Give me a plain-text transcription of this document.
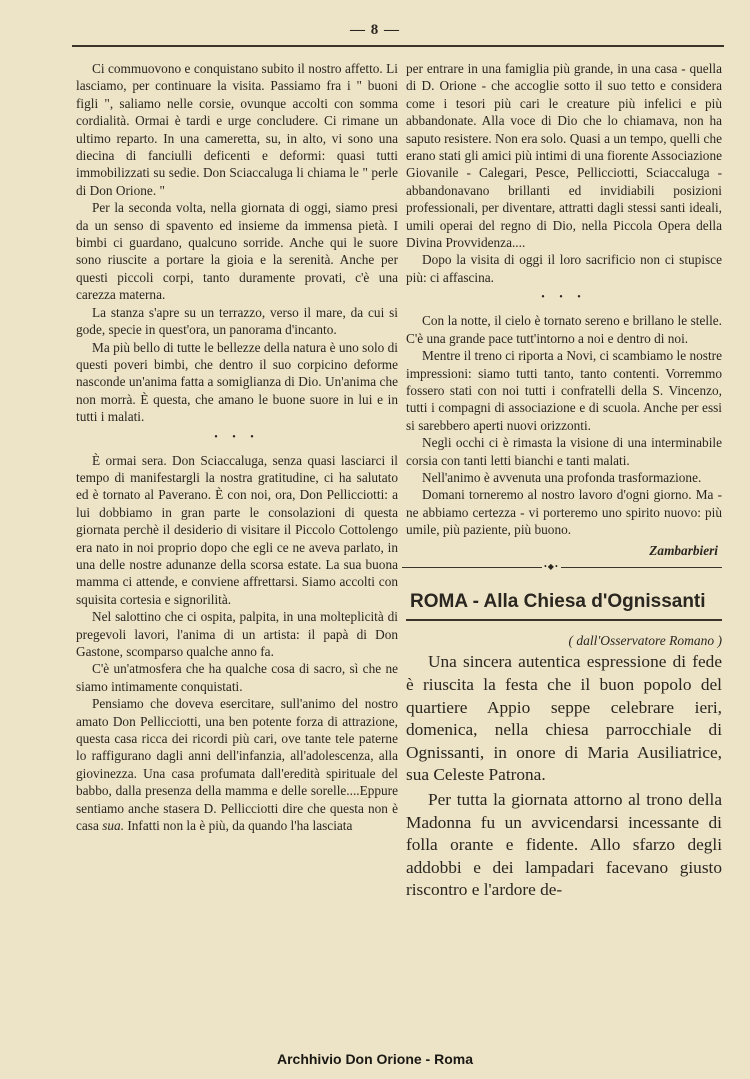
— 8 —

Ci commuovono e conquistano subito il nostro affetto. Li lasciamo, per continuare la visita. Passiamo fra i " buoni figli ", saliamo nelle corsie, ovunque accolti con somma cordialità. Ormai è tardi e urge concludere. Ci rimane un ultimo reparto. In una cameretta, su, in alto, vi sono una diecina di fanciulli deficenti e deformi: quasi tutti immobilizzati su sedie. Don Sciaccaluga li chiama le " perle di Don Orione. "

Per la seconda volta, nella giornata di oggi, siamo presi da un senso di spavento ed insieme da immensa pietà. I bimbi ci guardano, qualcuno sorride. Anche qui le suore sono riuscite a portare la gioia e la serenità. Anche per questi piccoli corpi, tanto duramente provati, c'è una carezza materna.

La stanza s'apre su un terrazzo, verso il mare, da cui si gode, specie in quest'ora, un panorama d'incanto.

Ma più bello di tutte le bellezze della natura è uno solo di questi poveri bimbi, che dentro il suo corpicino deforme nasconde un'anima fatta a somiglianza di Dio. Un'anima che non morrà. È questa, che amano le buone suore in lui e in tutti i malati.

• • •

È ormai sera. Don Sciaccaluga, senza quasi lasciarci il tempo di manifestargli la nostra gratitudine, ci ha salutato ed è tornato al Paverano. È con noi, ora, Don Pellicciotti: a lui dobbiamo in gran parte le consolazioni di questa giornata perchè il desiderio di visitare il Piccolo Cottolengo era nato in noi proprio dopo che egli ce ne aveva parlato, in una delle nostre adunanze della scorsa estate. La sua buona mamma ci attende, e conviene affrettarsi. Siamo accolti con squisita cortesia e signorilità.

Nel salottino che ci ospita, palpita, in una molteplicità di pregevoli lavori, l'anima di un artista: il papà di Don Gastone, scomparso qualche anno fa.

C'è un'atmosfera che ha qualche cosa di sacro, sì che ne siamo intimamente conquistati.

Pensiamo che doveva esercitare, sull'animo del nostro amato Don Pellicciotti, una ben potente forza di attrazione, questa casa ricca dei ricordi più cari, ove tante tele paterne lo raffigurano dagli anni dell'infanzia, all'adolescenza, alla giovinezza. Una casa profumata dall'eredità spirituale del babbo, dalla presenza della mamma e delle sorelle....Eppure sentiamo anche stasera D. Pellicciotti dire che questa non è casa sua. Infatti non la è più, da quando l'ha lasciata

per entrare in una famiglia più grande, in una casa - quella di D. Orione - che accoglie sotto il suo tetto e considera come i tesori più cari le creature più infelici e più abbandonate. Alla voce di Dio che lo chiamava, non ha saputo resistere. Non era solo. Quasi a un tempo, quelli che erano stati gli amici più intimi di una fiorente Associazione Giovanile - Calegari, Pesce, Pellicciotti, Sciaccaluga - abbandonavano brillanti ed invidiabili posizioni professionali, per diventare, attratti dagli stessi santi ideali, umili operai del regno di Dio, nella Piccola Opera della Divina Provvidenza....

Dopo la visita di oggi il loro sacrificio non ci stupisce più: ci affascina.

• • •

Con la notte, il cielo è tornato sereno e brillano le stelle. C'è una grande pace tutt'intorno a noi e dentro di noi.

Mentre il treno ci riporta a Novi, ci scambiamo le nostre impressioni: siamo tutti tanto, tanto contenti. Vorremmo fossero stati con noi tutti i confratelli della S. Vincenzo, tutti i compagni di associazione e di scuola. Anche per essi si sarebbero aperti nuovi orizzonti.

Negli occhi ci è rimasta la visione di una interminabile corsia con tanti letti bianchi e tanti malati.

Nell'animo è avvenuta una profonda trasformazione.

Domani torneremo al nostro lavoro d'ogni giorno. Ma - ne abbiamo certezza - vi porteremo uno spirito nuovo: più umile, più paziente, più buono.

Zambarbieri
•◆•
ROMA - Alla Chiesa d'Ognissanti
( dall'Osservatore Romano )

Una sincera autentica espressione di fede è riuscita la festa che il buon popolo del quartiere Appio seppe celebrare ieri, domenica, nella chiesa parrocchiale di Ognissanti, in onore di Maria Ausiliatrice, sua Celeste Patrona.

Per tutta la giornata attorno al trono della Madonna fu un avvicendarsi incessante di folla orante e fidente. Allo sfarzo degli addobbi e dei lampadari facevano giusto riscontro e l'ardore de-

Archhivio Don Orione - Roma
